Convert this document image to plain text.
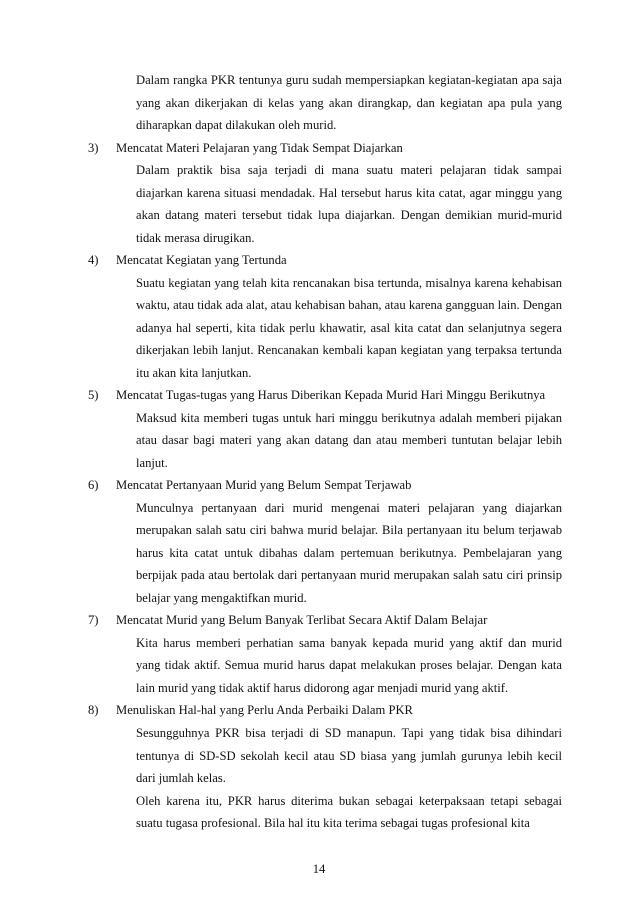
Dalam rangka PKR tentunya guru sudah mempersiapkan kegiatan-kegiatan apa saja yang akan dikerjakan di kelas yang akan dirangkap, dan kegiatan apa pula yang diharapkan dapat dilakukan oleh murid.

3)	Mencatat Materi Pelajaran yang Tidak Sempat Diajarkan

Dalam praktik bisa saja terjadi di mana suatu materi pelajaran tidak sampai diajarkan karena situasi mendadak. Hal tersebut harus kita catat, agar minggu yang akan datang materi tersebut tidak lupa diajarkan. Dengan demikian murid-murid tidak merasa dirugikan.

4)	Mencatat Kegiatan yang Tertunda

Suatu kegiatan yang telah kita rencanakan bisa tertunda, misalnya karena kehabisan waktu, atau tidak ada alat, atau kehabisan bahan, atau karena gangguan lain. Dengan adanya hal seperti, kita tidak perlu khawatir, asal kita catat dan selanjutnya segera dikerjakan lebih lanjut. Rencanakan kembali kapan kegiatan yang terpaksa tertunda itu akan kita lanjutkan.

5)	Mencatat Tugas-tugas yang Harus Diberikan Kepada Murid Hari Minggu Berikutnya

Maksud kita memberi tugas untuk hari minggu berikutnya adalah memberi pijakan atau dasar bagi materi yang akan datang dan atau memberi tuntutan belajar lebih lanjut.

6)	Mencatat Pertanyaan Murid yang Belum Sempat Terjawab

Munculnya pertanyaan dari murid mengenai materi pelajaran yang diajarkan merupakan salah satu ciri bahwa murid belajar. Bila pertanyaan itu belum terjawab harus kita catat untuk dibahas dalam pertemuan berikutnya. Pembelajaran yang berpijak pada atau bertolak dari pertanyaan murid merupakan salah satu ciri prinsip belajar yang mengaktifkan murid.

7)	Mencatat Murid yang Belum Banyak Terlibat Secara Aktif Dalam Belajar

Kita harus memberi perhatian sama banyak kepada murid yang aktif dan murid yang tidak aktif. Semua murid harus dapat melakukan proses belajar. Dengan kata lain murid yang tidak aktif harus didorong agar menjadi murid yang aktif.

8)	Menuliskan Hal-hal yang Perlu Anda Perbaiki Dalam PKR

Sesungguhnya PKR bisa terjadi di SD manapun. Tapi yang tidak bisa dihindari tentunya di SD-SD sekolah kecil atau SD biasa yang jumlah gurunya lebih kecil dari jumlah kelas.

Oleh karena itu, PKR harus diterima bukan sebagai keterpaksaan tetapi sebagai suatu tugasa profesional. Bila hal itu kita terima sebagai tugas profesional kita

14
